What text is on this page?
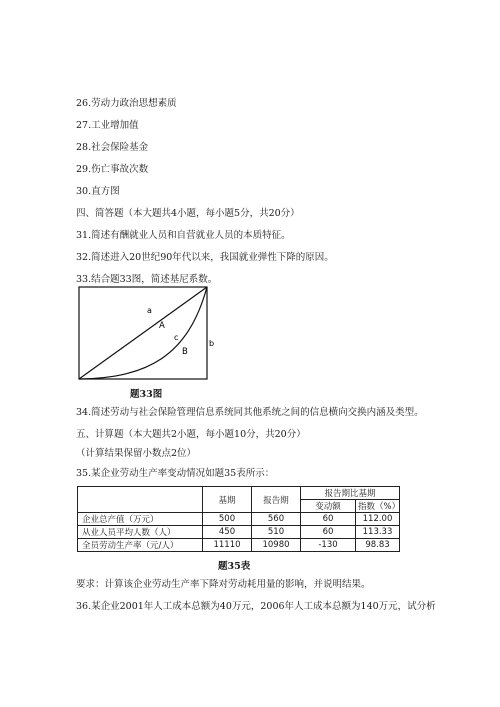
26.劳动力政治思想素质
27.工业增加值
28.社会保险基金
29.伤亡事故次数
30.直方图
四、简答题（本大题共4小题，每小题5分，共20分）
31.简述有酬就业人员和自营就业人员的本质特征。
32.简述进入20世纪90年代以来，我国就业弹性下降的原因。
33.结合题33图，简述基尼系数。
a
A
c
b
B
题33图
34.简述劳动与社会保险管理信息系统同其他系统之间的信息横向交换内涵及类型。
五、计算题（本大题共2小题，每小题10分，共20分）
（计算结果保留小数点2位）
35.某企业劳动生产率变动情况如题35表所示：
	基期	报告期	报告期比基期	
			变动额	指数（%）
企业总产值（万元）	500	560	60	112.00
从业人员平均人数（人）	450	510	60	113.33
全员劳动生产率（元/人）	11110	10980	-130	98.83
题35表
要求：计算该企业劳动生产率下降对劳动耗用量的影响，并说明结果。
36.某企业2001年人工成本总额为40万元，2006年人工成本总额为140万元，试分析
